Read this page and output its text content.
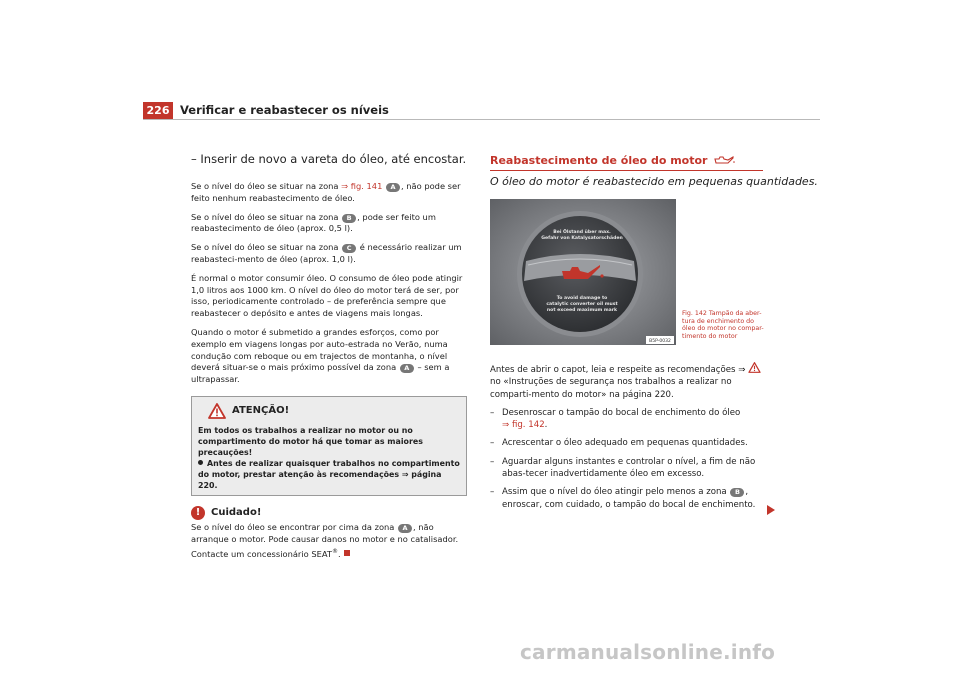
226 Verificar e reabastecer os níveis
– Inserir de novo a vareta do óleo, até encostar.
Se o nível do óleo se situar na zona ⇒ fig. 141 A , não pode ser feito nenhum reabastecimento de óleo.
Se o nível do óleo se situar na zona B , pode ser feito um reabastecimento de óleo (aprox. 0,5 l).
Se o nível do óleo se situar na zona C é necessário realizar um reabasteci-mento de óleo (aprox. 1,0 l).
É normal o motor consumir óleo. O consumo de óleo pode atingir 1,0 litros aos 1000 km. O nível do óleo do motor terá de ser, por isso, periodicamente controlado – de preferência sempre que reabastecer o depósito e antes de viagens mais longas.
Quando o motor é submetido a grandes esforços, como por exemplo em viagens longas por auto-estrada no Verão, numa condução com reboque ou em trajectos de montanha, o nível deverá situar-se o mais próximo possível da zona A – sem a ultrapassar.
ATENÇÃO!
Em todos os trabalhos a realizar no motor ou no compartimento do motor há que tomar as maiores precauções!
Antes de realizar quaisquer trabalhos no compartimento do motor, prestar atenção às recomendações ⇒ página 220.
!	Cuidado!
Se o nível do óleo se encontrar por cima da zona A , não arranque o motor. Pode causar danos no motor e no catalisador. Contacte um concessionário SEAT®.
Reabastecimento de óleo do motor
O óleo do motor é reabastecido em pequenas quantidades.
Bei Ölstand über max.
Gefahr von Katalysatorschäden
To avoid damage to
catalytic converter oil must
not exceed maximum mark
B5P-0032
Fig. 142 Tampão da aber-tura de enchimento do óleo do motor no compar-timento do motor
Antes de abrir o capot, leia e respeite as recomendações ⇒  no «Instruções de segurança nos trabalhos a realizar no comparti-mento do motor» na página 220.
– Desenroscar o tampão do bocal de enchimento do óleo
⇒ fig. 142.
– Acrescentar o óleo adequado em pequenas quantidades.
– Aguardar alguns instantes e controlar o nível, a fim de não abas-tecer inadvertidamente óleo em excesso.
– Assim que o nível do óleo atingir pelo menos a zona B , enroscar, com cuidado, o tampão do bocal de enchimento.
carmanualsonline.info
